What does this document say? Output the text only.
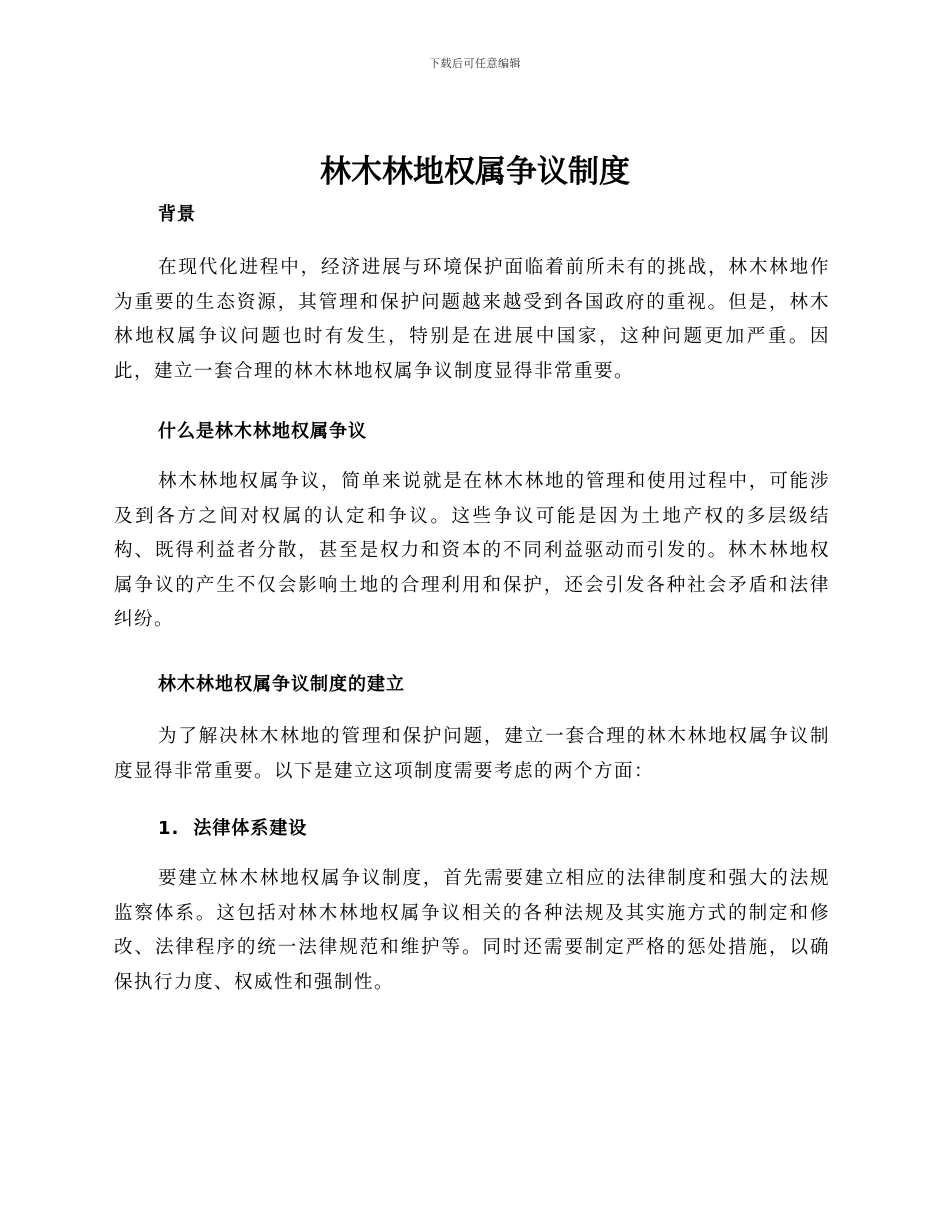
下载后可任意编辑
林木林地权属争议制度
背景

在现代化进程中，经济进展与环境保护面临着前所未有的挑战，林木林地作为重要的生态资源，其管理和保护问题越来越受到各国政府的重视。但是，林木林地权属争议问题也时有发生，特别是在进展中国家，这种问题更加严重。因此，建立一套合理的林木林地权属争议制度显得非常重要。

什么是林木林地权属争议

林木林地权属争议，简单来说就是在林木林地的管理和使用过程中，可能涉及到各方之间对权属的认定和争议。这些争议可能是因为土地产权的多层级结构、既得利益者分散，甚至是权力和资本的不同利益驱动而引发的。林木林地权属争议的产生不仅会影响土地的合理利用和保护，还会引发各种社会矛盾和法律纠纷。

林木林地权属争议制度的建立

为了解决林木林地的管理和保护问题，建立一套合理的林木林地权属争议制度显得非常重要。以下是建立这项制度需要考虑的两个方面：

1. 法律体系建设

要建立林木林地权属争议制度，首先需要建立相应的法律制度和强大的法规监察体系。这包括对林木林地权属争议相关的各种法规及其实施方式的制定和修改、法律程序的统一法律规范和维护等。同时还需要制定严格的惩处措施，以确保执行力度、权威性和强制性。
